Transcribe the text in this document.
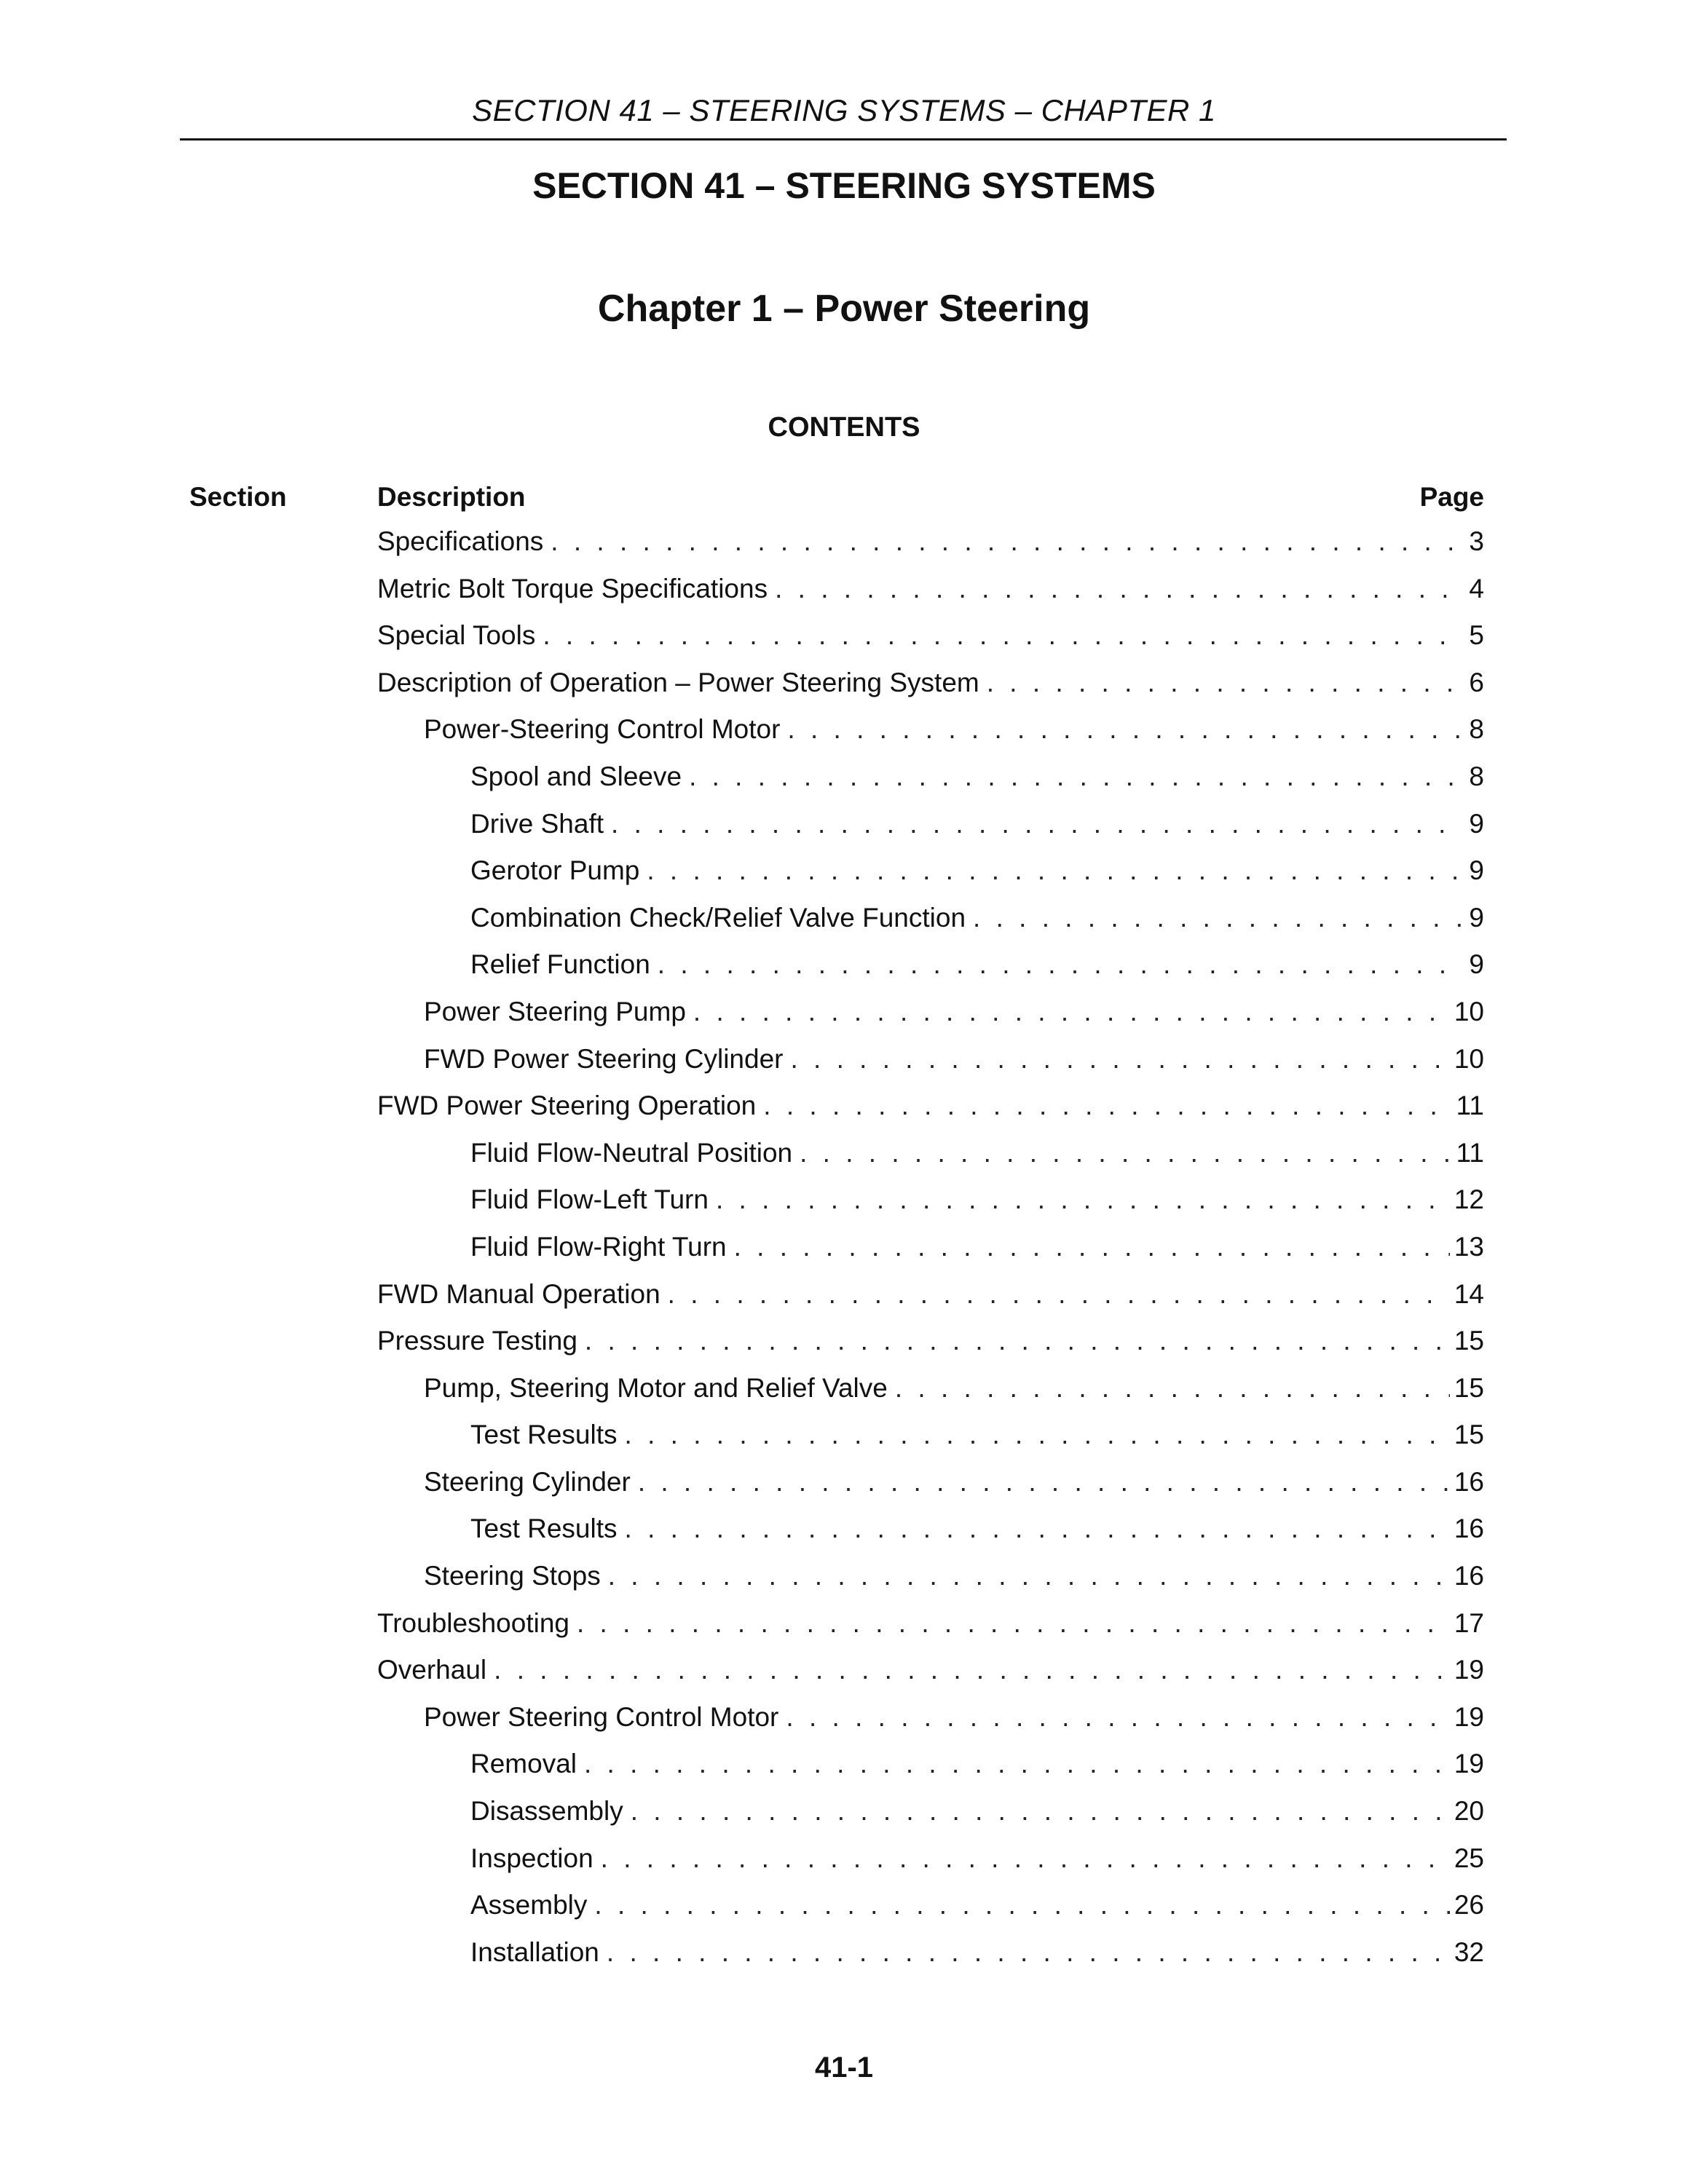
SECTION 41 – STEERING SYSTEMS – CHAPTER 1
SECTION 41 – STEERING SYSTEMS
Chapter 1 – Power Steering
CONTENTS
Section	Description	Page
Specifications . . .	3
Metric Bolt Torque Specifications . . .	4
Special Tools . . .	5
Description of Operation – Power Steering System . . .	6
Power-Steering Control Motor . . .	8
Spool and Sleeve . . .	8
Drive Shaft . . .	9
Gerotor Pump . . .	9
Combination Check/Relief Valve Function . . .	9
Relief Function . . .	9
Power Steering Pump . . .	10
FWD Power Steering Cylinder . . .	10
FWD Power Steering Operation . . .	11
Fluid Flow-Neutral Position . . .	11
Fluid Flow-Left Turn . . .	12
Fluid Flow-Right Turn . . .	13
FWD Manual Operation . . .	14
Pressure Testing . . .	15
Pump, Steering Motor and Relief Valve . . .	15
Test Results . . .	15
Steering Cylinder . . .	16
Test Results . . .	16
Steering Stops . . .	16
Troubleshooting . . .	17
Overhaul . . .	19
Power Steering Control Motor . . .	19
Removal . . .	19
Disassembly . . .	20
Inspection . . .	25
Assembly . . .	26
Installation . . .	32
41-1
